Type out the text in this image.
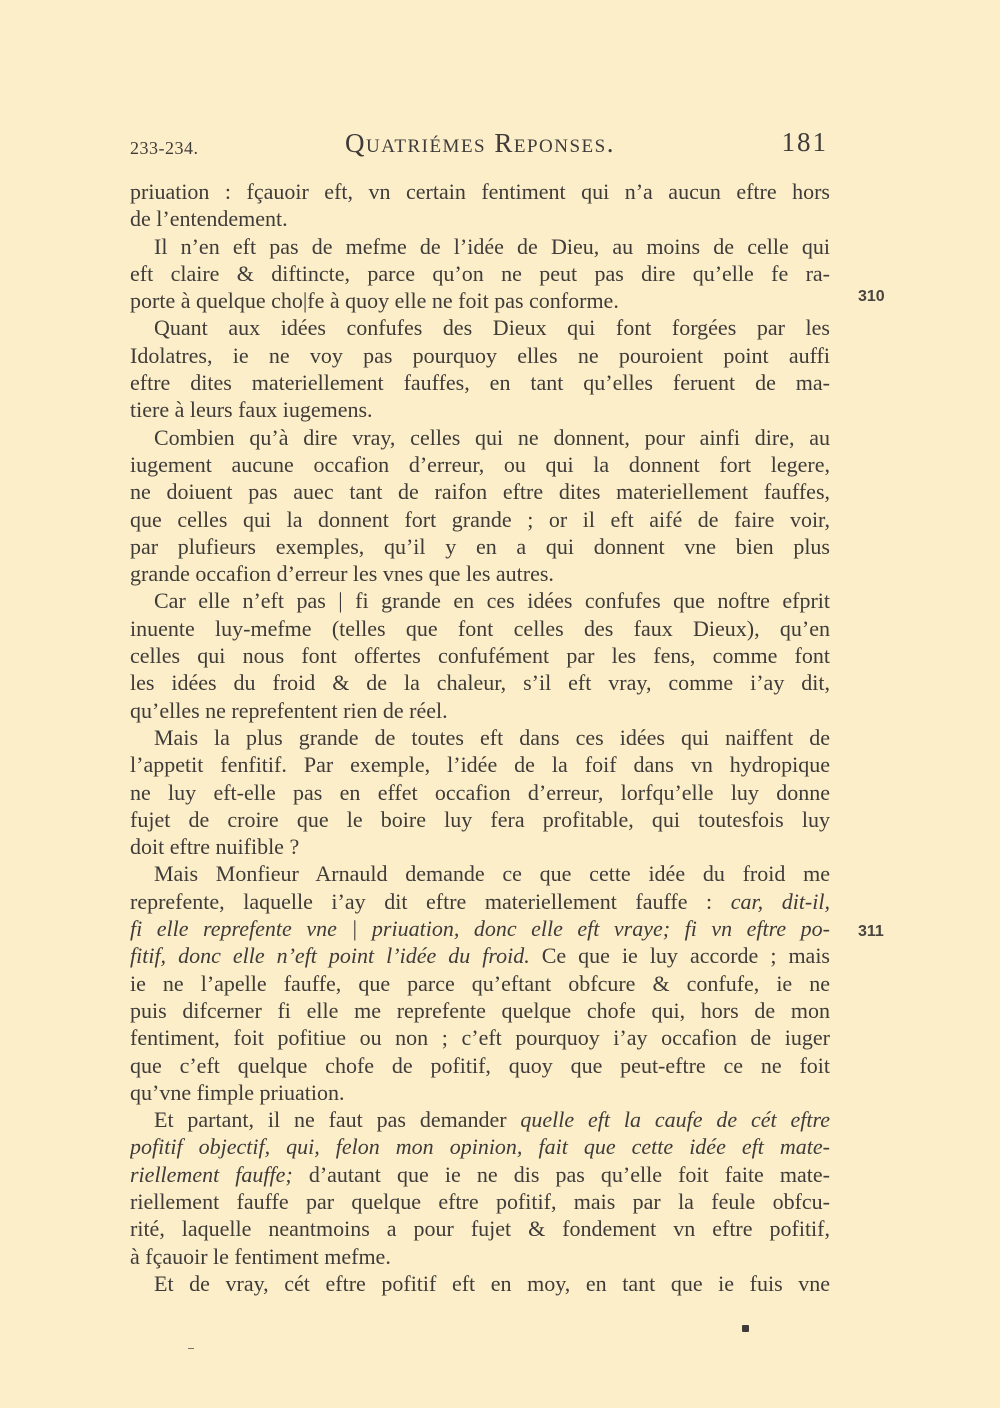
233-234.	Quatriémes Reponses.	181
priuation : fçauoir eft, vn certain fentiment qui n’a aucun eftre hors
de l’entendement.
Il n’en eft pas de mefme de l’idée de Dieu, au moins de celle qui
eft claire & diftincte, parce qu’on ne peut pas dire qu’elle fe ra-
porte à quelque cho|fe à quoy elle ne foit pas conforme.
Quant aux idées confufes des Dieux qui font forgées par les
Idolatres, ie ne voy pas pourquoy elles ne pouroient point auffi
eftre dites materiellement fauffes, en tant qu’elles feruent de ma-
tiere à leurs faux iugemens.
Combien qu’à dire vray, celles qui ne donnent, pour ainfi dire, au
iugement aucune occafion d’erreur, ou qui la donnent fort legere,
ne doiuent pas auec tant de raifon eftre dites materiellement fauffes,
que celles qui la donnent fort grande ; or il eft aifé de faire voir,
par plufieurs exemples, qu’il y en a qui donnent vne bien plus
grande occafion d’erreur les vnes que les autres.
Car elle n’eft pas | fi grande en ces idées confufes que noftre efprit
inuente luy-mefme (telles que font celles des faux Dieux), qu’en
celles qui nous font offertes confufément par les fens, comme font
les idées du froid & de la chaleur, s’il eft vray, comme i’ay dit,
qu’elles ne reprefentent rien de réel.
Mais la plus grande de toutes eft dans ces idées qui naiffent de
l’appetit fenfitif. Par exemple, l’idée de la foif dans vn hydropique
ne luy eft-elle pas en effet occafion d’erreur, lorfqu’elle luy donne
fujet de croire que le boire luy fera profitable, qui toutesfois luy
doit eftre nuifible ?
Mais Monfieur Arnauld demande ce que cette idée du froid me
reprefente, laquelle i’ay dit eftre materiellement fauffe : car, dit-il,
fi elle reprefente vne | priuation, donc elle eft vraye; fi vn eftre po-
fitif, donc elle n’eft point l’idée du froid. Ce que ie luy accorde ; mais
ie ne l’apelle fauffe, que parce qu’eftant obfcure & confufe, ie ne
puis difcerner fi elle me reprefente quelque chofe qui, hors de mon
fentiment, foit pofitiue ou non ; c’eft pourquoy i’ay occafion de iuger
que c’eft quelque chofe de pofitif, quoy que peut-eftre ce ne foit
qu’vne fimple priuation.
Et partant, il ne faut pas demander quelle eft la caufe de cét eftre
pofitif objectif, qui, felon mon opinion, fait que cette idée eft mate-
riellement fauffe; d’autant que ie ne dis pas qu’elle foit faite mate-
riellement fauffe par quelque eftre pofitif, mais par la feule obfcu-
rité, laquelle neantmoins a pour fujet & fondement vn eftre pofitif,
à fçauoir le fentiment mefme.
Et de vray, cét eftre pofitif eft en moy, en tant que ie fuis vne
310
311
